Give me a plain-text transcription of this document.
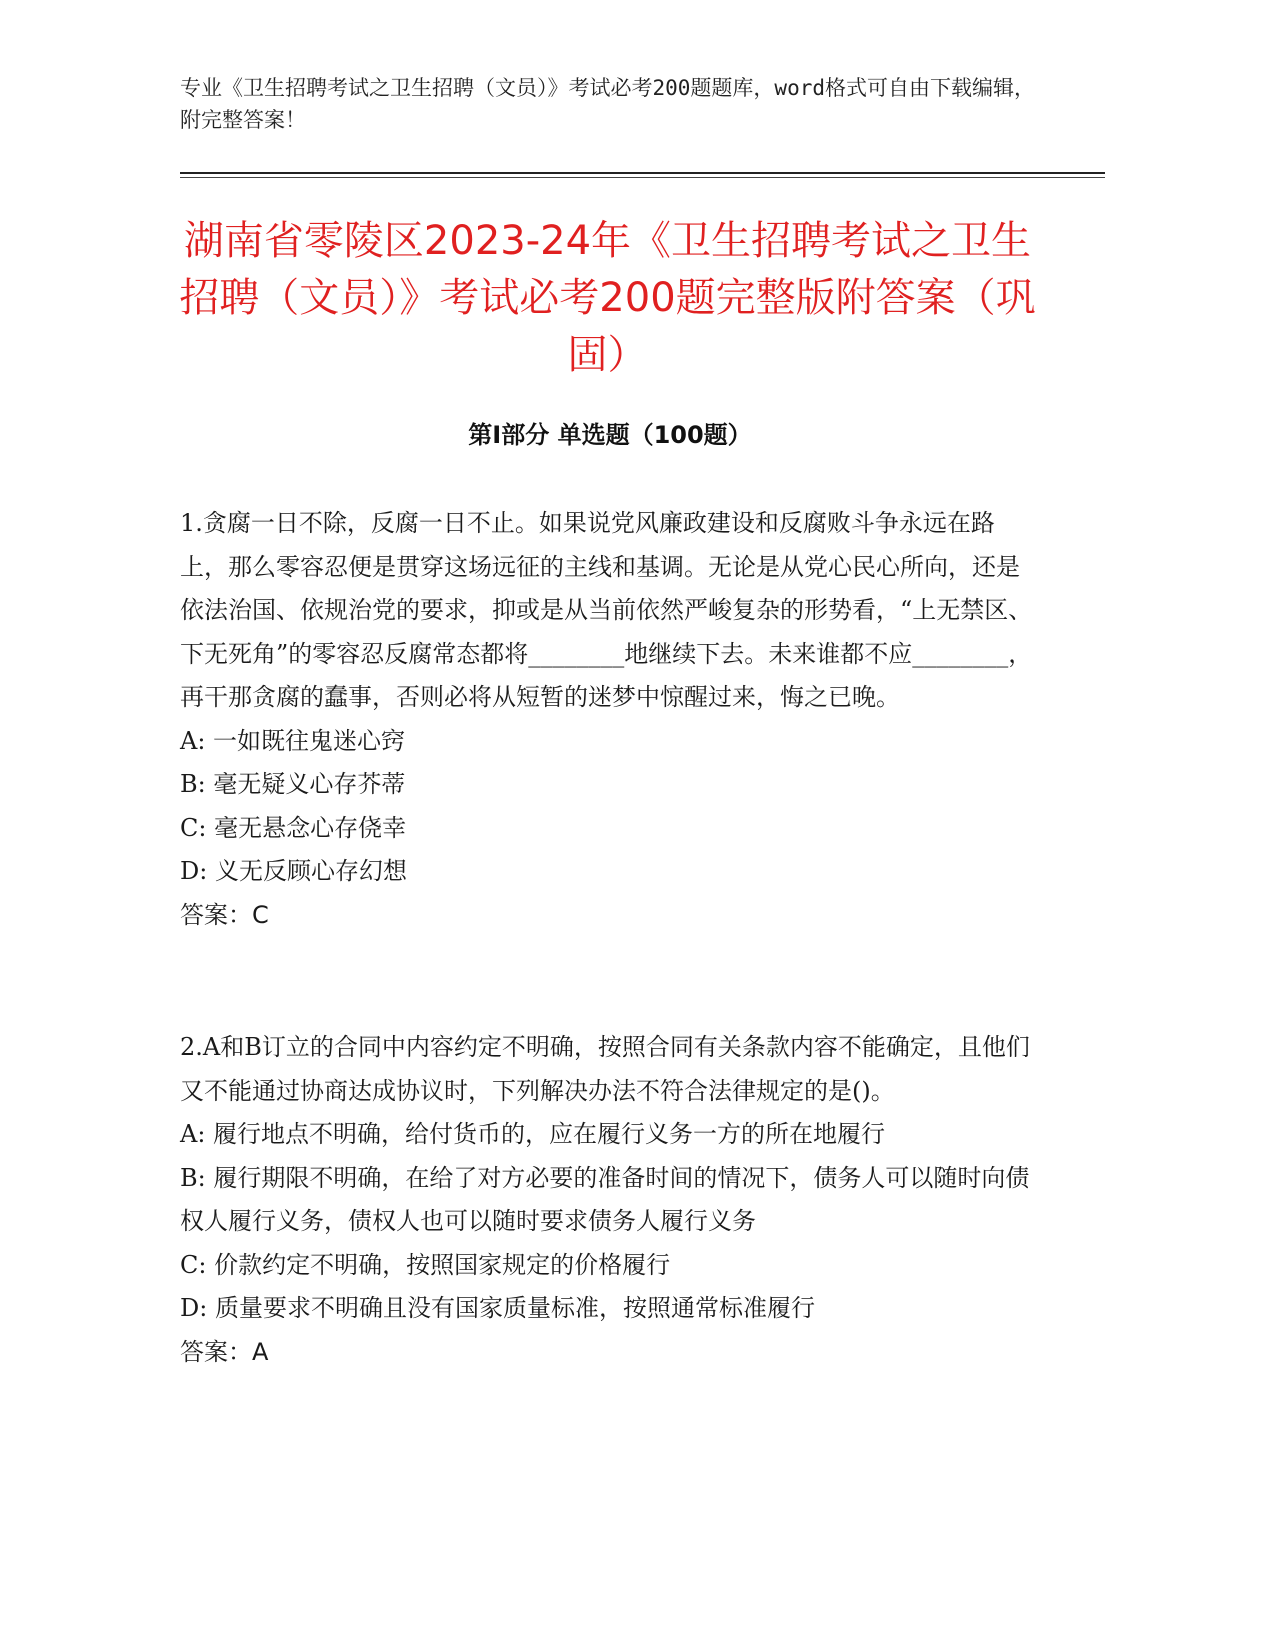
专业《卫生招聘考试之卫生招聘（文员）》考试必考200题题库，word格式可自由下载编辑，附完整答案！
湖南省零陵区2023-24年《卫生招聘考试之卫生招聘（文员）》考试必考200题完整版附答案（巩固）
第I部分 单选题（100题）

1.贪腐一日不除，反腐一日不止。如果说党风廉政建设和反腐败斗争永远在路上，那么零容忍便是贯穿这场远征的主线和基调。无论是从党心民心所向，还是依法治国、依规治党的要求，抑或是从当前依然严峻复杂的形势看，“上无禁区、下无死角”的零容忍反腐常态都将________地继续下去。未来谁都不应________，再干那贪腐的蠢事，否则必将从短暂的迷梦中惊醒过来，悔之已晚。

A: 一如既往鬼迷心窍

B: 毫无疑义心存芥蒂

C: 毫无悬念心存侥幸

D: 义无反顾心存幻想

答案：C

2.A和B订立的合同中内容约定不明确，按照合同有关条款内容不能确定，且他们又不能通过协商达成协议时，下列解决办法不符合法律规定的是()。

A: 履行地点不明确，给付货币的，应在履行义务一方的所在地履行

B: 履行期限不明确，在给了对方必要的准备时间的情况下，债务人可以随时向债权人履行义务，债权人也可以随时要求债务人履行义务

C: 价款约定不明确，按照国家规定的价格履行

D: 质量要求不明确且没有国家质量标准，按照通常标准履行

答案：A
